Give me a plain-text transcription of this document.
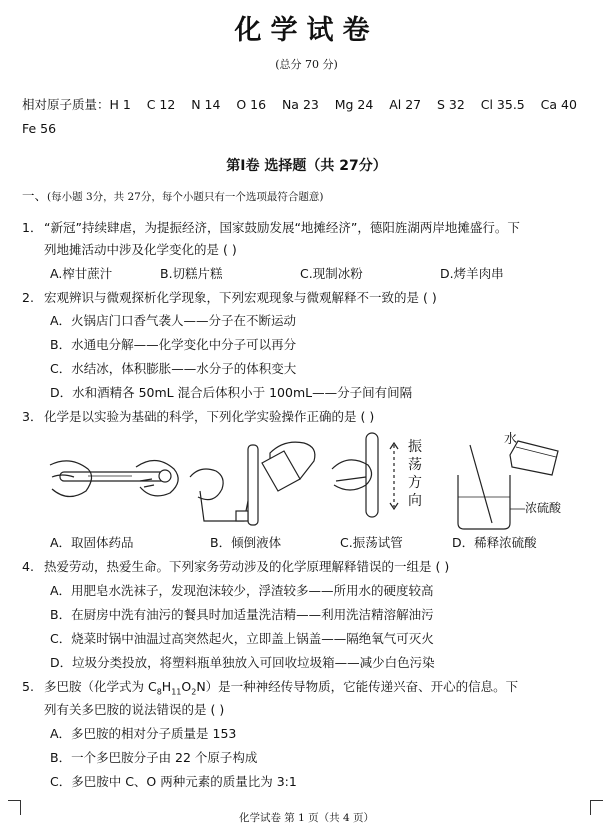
化学试卷
(总分 70 分)
相对原子质量：H 1    C 12    N 14    O 16    Na 23    Mg 24    Al 27    S 32    Cl 35.5    Ca 40
Fe 56
第Ⅰ卷 选择题（共 27分）
一、(每小题 3分，共 27分，每个小题只有一个选项最符合题意)
1． “新冠”持续肆虐，为提振经济，国家鼓励发展“地摊经济”，德阳旌湖两岸地摊盛行。下
列地摊活动中涉及化学变化的是 ( )
A.榨甘蔗汁	B.切糕片糕	C.现制冰粉	D.烤羊肉串
2. 宏观辨识与微观探析化学现象，下列宏观现象与微观解释不一致的是 ( )
A．火锅店门口香气袭人——分子在不断运动
B．水通电分解——化学变化中分子可以再分
C．水结冰，体积膨胀——水分子的体积变大
D．水和酒精各 50mL 混合后体积小于 100mL——分子间有间隔
3． 化学是以实验为基础的科学，下列化学实验操作正确的是 ( )
振
荡
方
向
水
浓硫酸
A．取固体药品	B．倾倒液体	C.振荡试管	D．稀释浓硫酸
4. 热爱劳动，热爱生命。下列家务劳动涉及的化学原理解释错误的一组是 ( )
A．用肥皂水洗袜子，发现泡沫较少，浮渣较多——所用水的硬度较高
B．在厨房中洗有油污的餐具时加适量洗洁精——利用洗洁精溶解油污
C．烧菜时锅中油温过高突然起火，立即盖上锅盖——隔绝氧气可灭火
D．垃圾分类投放，将塑料瓶单独放入可回收垃圾箱——减少白色污染
5. 多巴胺（化学式为 $C_8H_{11}O_2N$）是一种神经传导物质，它能传递兴奋、开心的信息。下
列有关多巴胺的说法错误的是 ( )
A．多巴胺的相对分子质量是 153
B．一个多巴胺分子由 22 个原子构成
C．多巴胺中 C、O 两种元素的质量比为 3:1
化学试卷 第 1 页（共 4 页）
